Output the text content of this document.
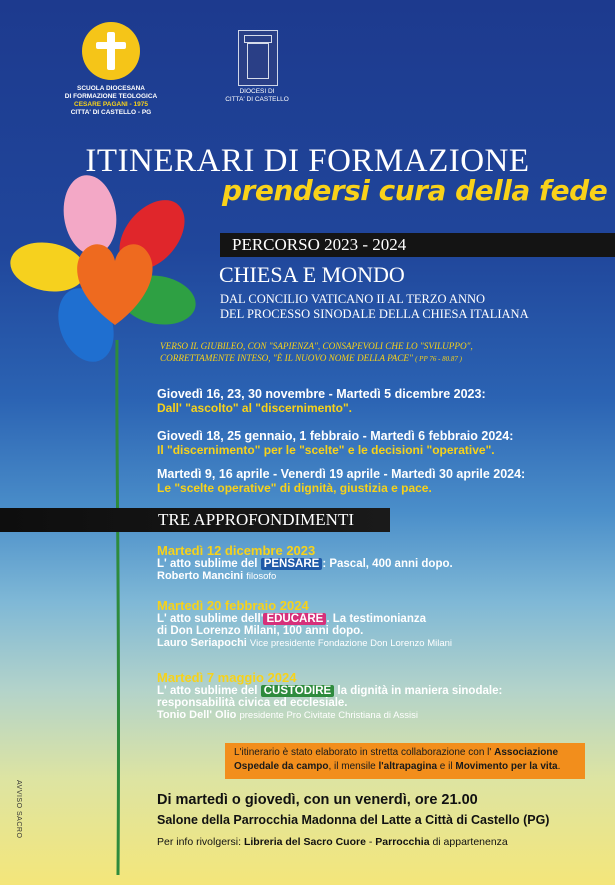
SCUOLA DIOCESANA
DI FORMAZIONE TEOLOGICA
CESARE PAGANI - 1975
CITTA' DI CASTELLO - PG
DIOCESI DI
CITTA' DI CASTELLO
ITINERARI DI FORMAZIONE
prendersi cura della fede
PERCORSO 2023 - 2024
CHIESA E MONDO
DAL CONCILIO VATICANO II AL TERZO ANNO
DEL PROCESSO SINODALE DELLA CHIESA ITALIANA
VERSO IL GIUBILEO, CON "SAPIENZA", CONSAPEVOLI CHE LO "SVILUPPO",
CORRETTAMENTE INTESO, "È IL NUOVO NOME DELLA PACE" ( PP 76 - 80.87 )
Giovedì 16, 23, 30 novembre - Martedì 5 dicembre 2023:
Dall' "ascolto" al "discernimento".
Giovedì 18, 25 gennaio, 1 febbraio - Martedì 6 febbraio 2024:
Il "discernimento" per le "scelte" e le decisioni "operative".
Martedì 9, 16 aprile - Venerdì 19 aprile - Martedì 30 aprile 2024:
Le "scelte operative" di dignità, giustizia e pace.
TRE APPROFONDIMENTI
Martedì 12 dicembre 2023
L' atto sublime del PENSARE : Pascal, 400 anni dopo.
Roberto Mancini filosofo
Martedì 20 febbraio 2024
L' atto sublime dell' EDUCARE . La testimonianza
di Don Lorenzo Milani, 100 anni dopo.
Lauro Seriapochi Vice presidente Fondazione Don Lorenzo Milani
Martedì 7 maggio 2024
L' atto sublime del CUSTODIRE la dignità in maniera sinodale:
responsabilità civica ed ecclesiale.
Tonio Dell' Olio presidente Pro Civitate Christiana di Assisi
L'itinerario è stato elaborato in stretta collaborazione con l' Associazione
Ospedale da campo, il mensile l'altrapagina e il Movimento per la vita.
AVVISO SACRO	Di martedì o giovedì, con un venerdì, ore 21.00
Salone della Parrocchia Madonna del Latte a Città di Castello (PG)
Per info rivolgersi: Libreria del Sacro Cuore - Parrocchia di appartenenza
